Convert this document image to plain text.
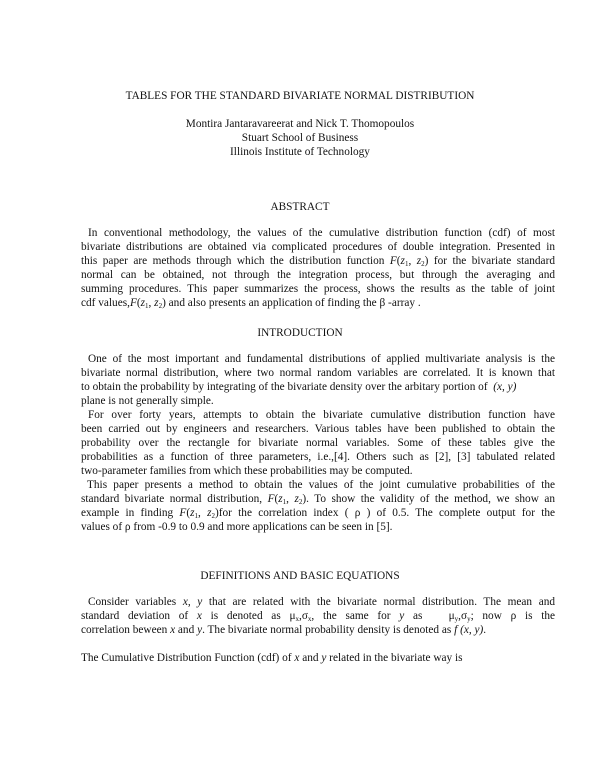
TABLES FOR THE STANDARD BIVARIATE NORMAL DISTRIBUTION
Montira Jantaravareerat and Nick T. Thomopoulos
Stuart School of Business
Illinois Institute of Technology
ABSTRACT
In conventional methodology, the values of the cumulative distribution function (cdf) of most
bivariate distributions are obtained via complicated procedures of double integration. Presented in
this paper are methods through which the distribution function $F(z_1$, $z_2$) for the bivariate standard
normal can be obtained, not through the integration process, but through the averaging and
summing procedures. This paper summarizes the process, shows the results as the table of joint
cdf $values,F(z_1$, $z_2$) and also presents an application of finding the β -array .
INTRODUCTION
One of the most important and fundamental distributions of applied multivariate analysis is the
bivariate normal distribution, where two normal random variables are correlated. It is known that
to obtain the probability by integrating of the bivariate density over the arbitary portion of (x, y)
plane is not generally simple.
For over forty years, attempts to obtain the bivariate cumulative distribution function have
been carried out by engineers and researchers. Various tables have been published to obtain the
probability over the rectangle for bivariate normal variables. Some of these tables give the
probabilities as a function of three parameters, i.e.,[4]. Others such as [2], [3] tabulated related
two-parameter families from which these probabilities may be computed.
This paper presents a method to obtain the values of the joint cumulative probabilities of the
standard bivariate normal distribution, $F(z_1$, $z_2$). To show the validity of the method, we show an
example in finding $F(z_1$, $z_2)for$ the correlation index ( ρ ) of 0.5. The complete output for the
values of ρ from -0.9 to 0.9 and more applications can be seen in [5].
DEFINITIONS AND BASIC EQUATIONS
Consider variables x, y that are related with the bivariate normal distribution. The mean and
standard deviation of x is denoted as $\mu_x,\sigma_x$, the same for y as   $\mu_y,\sigma_y$; now ρ is the
correlation beween x and y. The bivariate normal probability density is denoted as f (x, y).
The Cumulative Distribution Function (cdf) of x and y related in the bivariate way is
